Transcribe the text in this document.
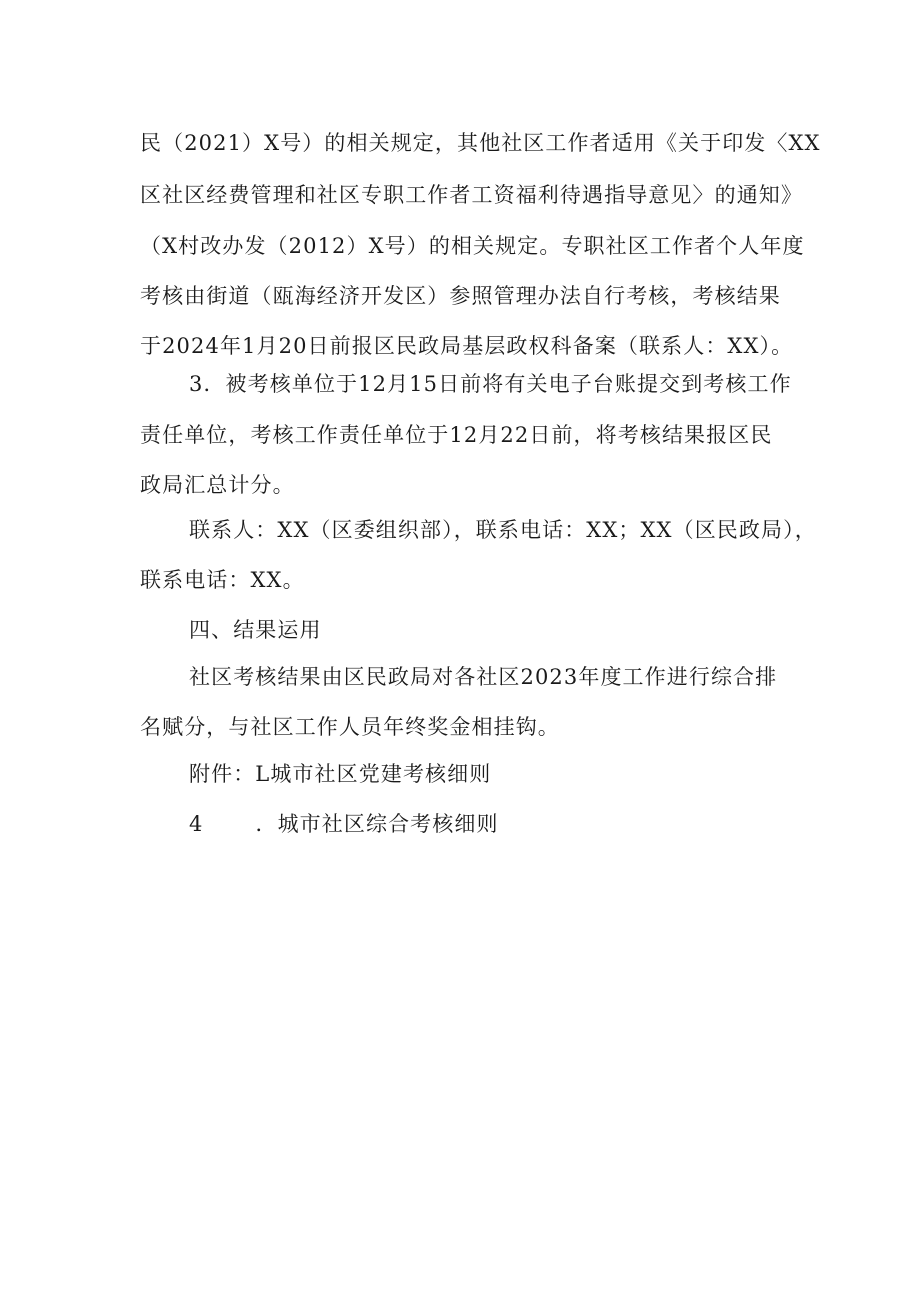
民（2021）X号）的相关规定，其他社区工作者适用《关于印发〈XX
区社区经费管理和社区专职工作者工资福利待遇指导意见〉的通知》
（X村改办发（2012）X号）的相关规定。专职社区工作者个人年度
考核由街道（瓯海经济开发区）参照管理办法自行考核，考核结果
于2024年1月20日前报区民政局基层政权科备案（联系人：XX）。
3．被考核单位于12月15日前将有关电子台账提交到考核工作
责任单位，考核工作责任单位于12月22日前，将考核结果报区民
政局汇总计分。
联系人：XX（区委组织部），联系电话：XX；XX（区民政局），
联系电话：XX。
四、结果运用
社区考核结果由区民政局对各社区2023年度工作进行综合排
名赋分，与社区工作人员年终奖金相挂钩。
附件：L城市社区党建考核细则
4 ．城市社区综合考核细则
